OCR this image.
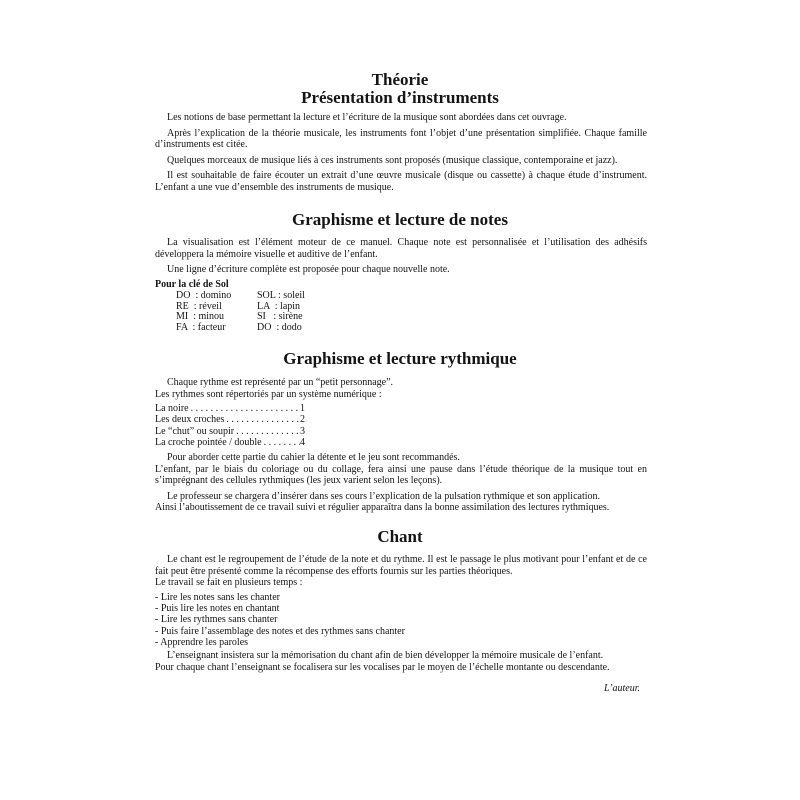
Théorie
Présentation d’instruments

Les notions de base permettant la lecture et l’écriture de la musique sont abordées dans cet ouvrage.

Après l’explication de la théorie musicale, les instruments font l’objet d’une présentation simplifiée. Chaque famille d’instruments est citée.

Quelques morceaux de musique liés à ces instruments sont proposés (musique classique, contemporaine et jazz).

Il est souhaitable de faire écouter un extrait d’une œuvre musicale (disque ou cassette) à chaque étude d’instrument. L’enfant a une vue d’ensemble des instruments de musique.

Graphisme et lecture de notes

La visualisation est l’élément moteur de ce manuel. Chaque note est personnalisée et l’utilisation des adhésifs développera la mémoire visuelle et auditive de l’enfant.

Une ligne d’écriture complète est proposée pour chaque nouvelle note.

Pour la clé de Sol
DO  : domino	SOL : soleil
RE  : réveil	LA  : lapin
MI  : minou	SI   : sirène
FA  : facteur	DO  : dodo
Graphisme et lecture rythmique

Chaque rythme est représenté par un “petit personnage”.

Les rythmes sont répertoriés par un système numérique :

La noire . . .	1
Les deux croches . . .	2
Le “chut” ou soupir . . .	3
La croche pointée / double . . .	4

Pour aborder cette partie du cahier la détente et le jeu sont recommandés.

L’enfant, par le biais du coloriage ou du collage, fera ainsi une pause dans l’étude théorique de la musique tout en s’imprégnant des cellules rythmiques (les jeux varient selon les leçons).

Le professeur se chargera d’insérer dans ses cours l’explication de la pulsation rythmique et son application.

Ainsi l’aboutissement de ce travail suivi et régulier apparaîtra dans la bonne assimilation des lectures rythmiques.

Chant

Le chant est le regroupement de l’étude de la note et du rythme. Il est le passage le plus motivant pour l’enfant et de ce fait peut être présenté comme la récompense des efforts fournis sur les parties théoriques.

Le travail se fait en plusieurs temps :

- Lire les notes sans les chanter
- Puis lire les notes en chantant
- Lire les rythmes sans chanter
- Puis faire l’assemblage des notes et des rythmes sans chanter
- Apprendre les paroles

L’enseignant insistera sur la mémorisation du chant afin de bien développer la mémoire musicale de l’enfant.

Pour chaque chant l’enseignant se focalisera sur les vocalises par le moyen de l’échelle montante ou descendante.

L’auteur.
